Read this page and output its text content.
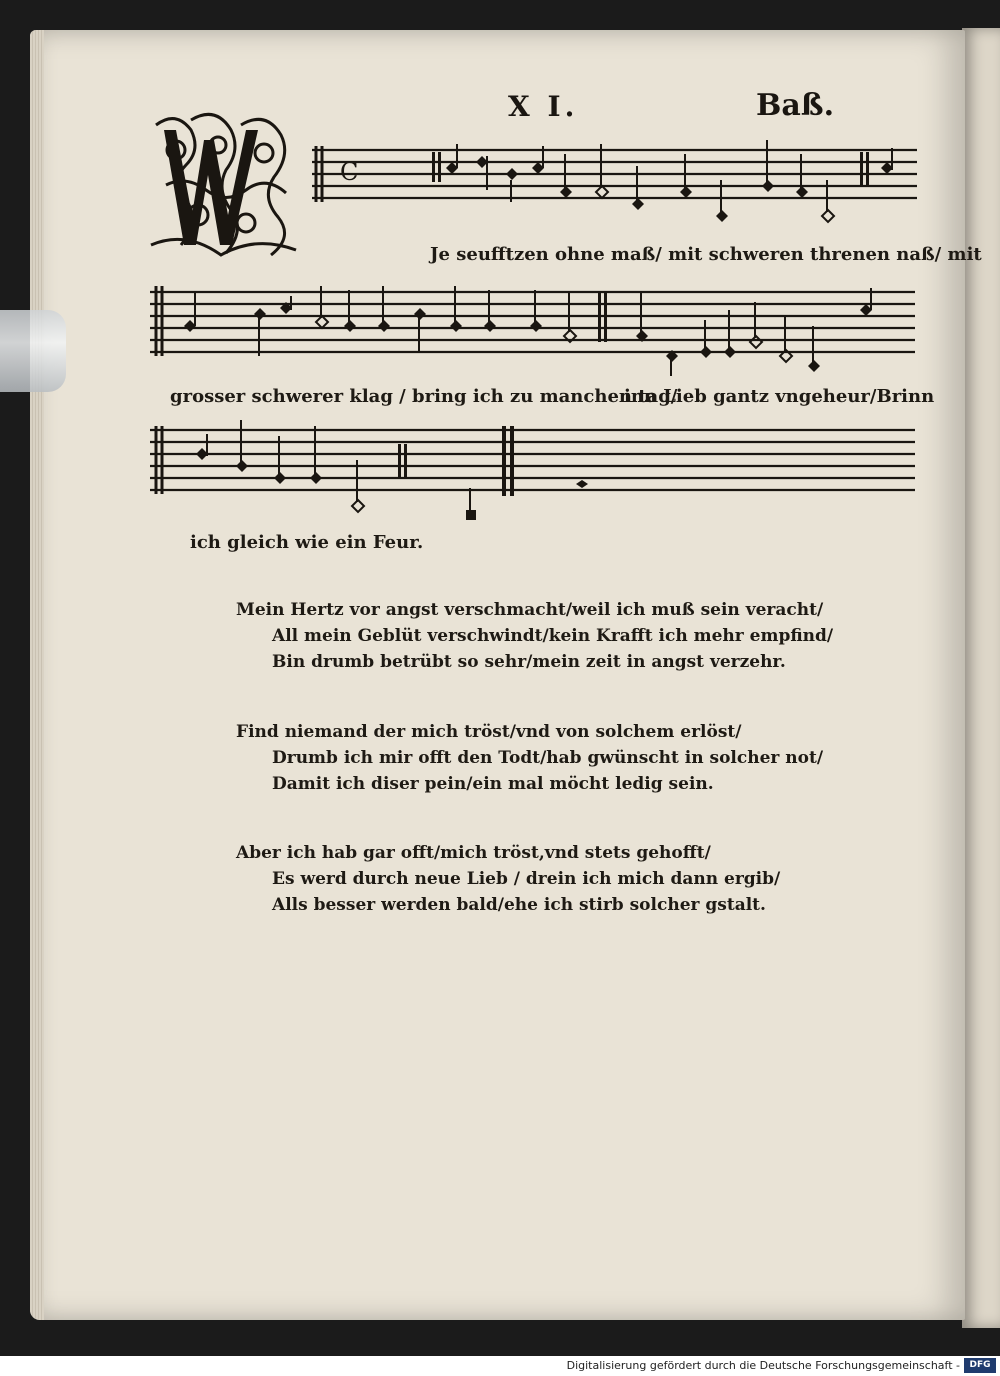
X I.	Baß.
C
Je seufftzen ohne maß/ mit schweren threnen naß/ mit
grosser schwerer klag / bring ich zu manchen tag/
inn Lieb gantz vngeheur/Brinn
ich gleich wie ein Feur.
Mein Hertz vor angst verschmacht/weil ich muß sein veracht/
All mein Geblüt verschwindt/kein Krafft ich mehr empfind/
Bin drumb betrübt so sehr/mein zeit in angst verzehr.
Find niemand der mich tröst/vnd von solchem erlöst/
Drumb ich mir offt den Todt/hab gwünscht in solcher not/
Damit ich diser pein/ein mal möcht ledig sein.
Aber ich hab gar offt/mich tröst,vnd stets gehofft/
Es werd durch neue Lieb / drein ich mich dann ergib/
Alls besser werden bald/ehe ich stirb solcher gstalt.
Digitalisierung gefördert durch die Deutsche Forschungsgemeinschaft -	DFG
